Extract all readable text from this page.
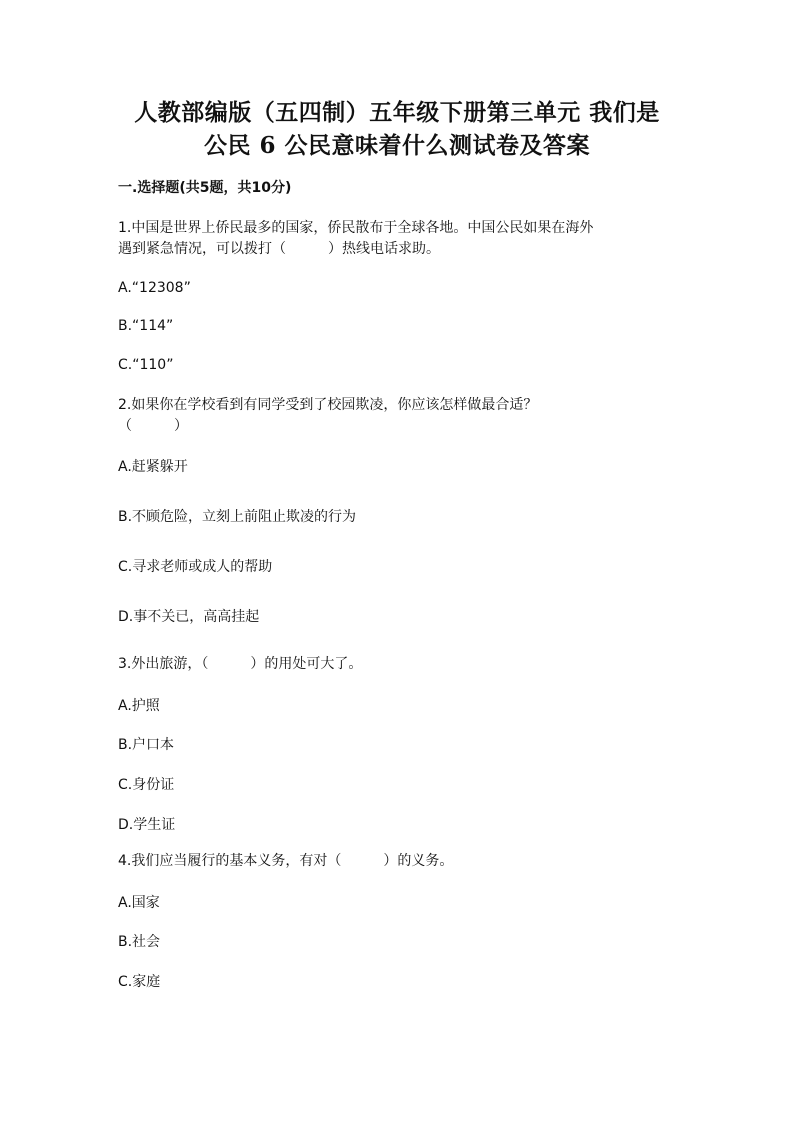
人教部编版（五四制）五年级下册第三单元 我们是
公民 6 公民意味着什么测试卷及答案
一.选择题(共5题，共10分)
1.中国是世界上侨民最多的国家，侨民散布于全球各地。中国公民如果在海外
遇到紧急情况，可以拨打（　　　）热线电话求助。
A.“12308”
B.“114”
C.“110”
2.如果你在学校看到有同学受到了校园欺凌，你应该怎样做最合适？
（　　　）
A.赶紧躲开
B.不顾危险，立刻上前阻止欺凌的行为
C.寻求老师或成人的帮助
D.事不关已，高高挂起
3.外出旅游，（　　　）的用处可大了。
A.护照
B.户口本
C.身份证
D.学生证
4.我们应当履行的基本义务，有对（　　　）的义务。
A.国家
B.社会
C.家庭
